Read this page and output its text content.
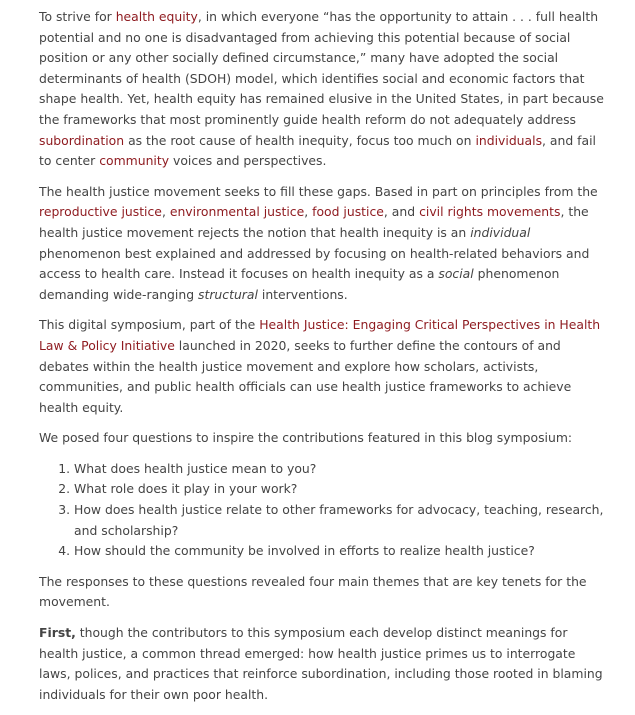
To strive for health equity, in which everyone “has the opportunity to attain . . . full health potential and no one is disadvantaged from achieving this potential because of social position or any other socially defined circumstance,” many have adopted the social determinants of health (SDOH) model, which identifies social and economic factors that shape health. Yet, health equity has remained elusive in the United States, in part because the frameworks that most prominently guide health reform do not adequately address subordination as the root cause of health inequity, focus too much on individuals, and fail to center community voices and perspectives.

The health justice movement seeks to fill these gaps. Based in part on principles from the reproductive justice, environmental justice, food justice, and civil rights movements, the health justice movement rejects the notion that health inequity is an individual phenomenon best explained and addressed by focusing on health-related behaviors and access to health care. Instead it focuses on health inequity as a social phenomenon demanding wide-ranging structural interventions.

This digital symposium, part of the Health Justice: Engaging Critical Perspectives in Health Law & Policy Initiative launched in 2020, seeks to further define the contours of and debates within the health justice movement and explore how scholars, activists, communities, and public health officials can use health justice frameworks to achieve health equity.

We posed four questions to inspire the contributions featured in this blog symposium:

1. What does health justice mean to you?
2. What role does it play in your work?
3. How does health justice relate to other frameworks for advocacy, teaching, research, and scholarship?
4. How should the community be involved in efforts to realize health justice?

The responses to these questions revealed four main themes that are key tenets for the movement.

First, though the contributors to this symposium each develop distinct meanings for health justice, a common thread emerged: how health justice primes us to interrogate laws, polices, and practices that reinforce subordination, including those rooted in blaming individuals for their own poor health.
